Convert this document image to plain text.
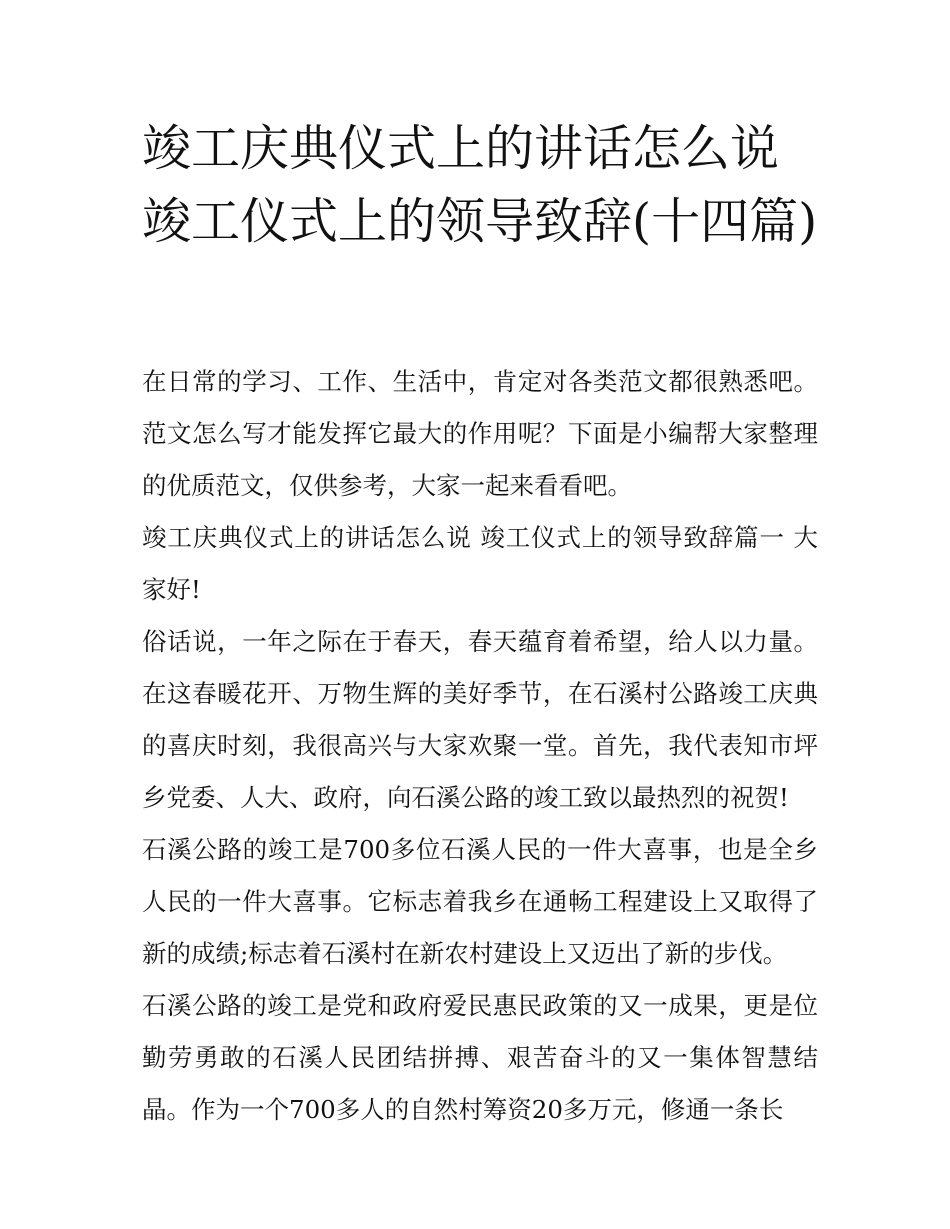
竣工庆典仪式上的讲话怎么说 竣工仪式上的领导致辞(十四篇)

在日常的学习、工作、生活中，肯定对各类范文都很熟悉吧。范文怎么写才能发挥它最大的作用呢？下面是小编帮大家整理的优质范文，仅供参考，大家一起来看看吧。

竣工庆典仪式上的讲话怎么说 竣工仪式上的领导致辞篇一 大家好!

俗话说，一年之际在于春天，春天蕴育着希望，给人以力量。在这春暖花开、万物生辉的美好季节，在石溪村公路竣工庆典的喜庆时刻，我很高兴与大家欢聚一堂。首先，我代表知市坪乡党委、人大、政府，向石溪公路的竣工致以最热烈的祝贺!

石溪公路的竣工是700多位石溪人民的一件大喜事，也是全乡人民的一件大喜事。它标志着我乡在通畅工程建设上又取得了新的成绩;标志着石溪村在新农村建设上又迈出了新的步伐。

石溪公路的竣工是党和政府爱民惠民政策的又一成果，更是位勤劳勇敢的石溪人民团结拼搏、艰苦奋斗的又一集体智慧结晶。作为一个700多人的自然村筹资20多万元，修通一条长
